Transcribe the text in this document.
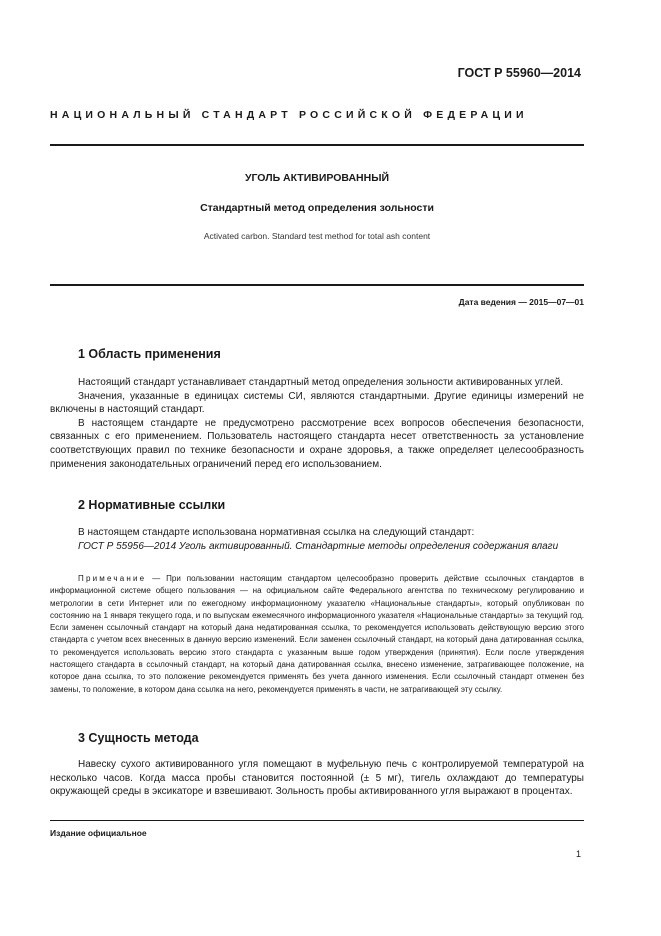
ГОСТ Р 55960—2014
НАЦИОНАЛЬНЫЙ СТАНДАРТ РОССИЙСКОЙ ФЕДЕРАЦИИ
УГОЛЬ АКТИВИРОВАННЫЙ
Стандартный метод определения зольности
Activated carbon. Standard test method for total ash content
Дата ведения — 2015—07—01
1 Область применения

Настоящий стандарт устанавливает стандартный метод определения зольности активированных углей.

Значения, указанные в единицах системы СИ, являются стандартными. Другие единицы измерений не включены в настоящий стандарт.

В настоящем стандарте не предусмотрено рассмотрение всех вопросов обеспечения безопасности, связанных с его применением. Пользователь настоящего стандарта несет ответственность за установление соответствующих правил по технике безопасности и охране здоровья, а также определяет целесообразность применения законодательных ограничений перед его использованием.

2 Нормативные ссылки

В настоящем стандарте использована нормативная ссылка на следующий стандарт:

ГОСТ Р 55956—2014 Уголь активированный. Стандартные методы определения содержания влаги

Примечание — При пользовании настоящим стандартом целесообразно проверить действие ссылочных стандартов в информационной системе общего пользования — на официальном сайте Федерального агентства по техническому регулированию и метрологии в сети Интернет или по ежегодному информационному указателю «Национальные стандарты», который опубликован по состоянию на 1 января текущего года, и по выпускам ежемесячного информационного указателя «Национальные стандарты» за текущий год. Если заменен ссылочный стандарт на который дана недатированная ссылка, то рекомендуется использовать действующую версию этого стандарта с учетом всех внесенных в данную версию изменений. Если заменен ссылочный стандарт, на который дана датированная ссылка, то рекомендуется использовать версию этого стандарта с указанным выше годом утверждения (принятия). Если после утверждения настоящего стандарта в ссылочный стандарт, на который дана датированная ссылка, внесено изменение, затрагивающее положение, на которое дана ссылка, то это положение рекомендуется применять без учета данного изменения. Если ссылочный стандарт отменен без замены, то положение, в котором дана ссылка на него, рекомендуется применять в части, не затрагивающей эту ссылку.

3 Сущность метода

Навеску сухого активированного угля помещают в муфельную печь с контролируемой температурой на несколько часов. Когда масса пробы становится постоянной (± 5 мг), тигель охлаждают до температуры окружающей среды в эксикаторе и взвешивают. Зольность пробы активированного угля выражают в процентах.

Издание официальное
1
